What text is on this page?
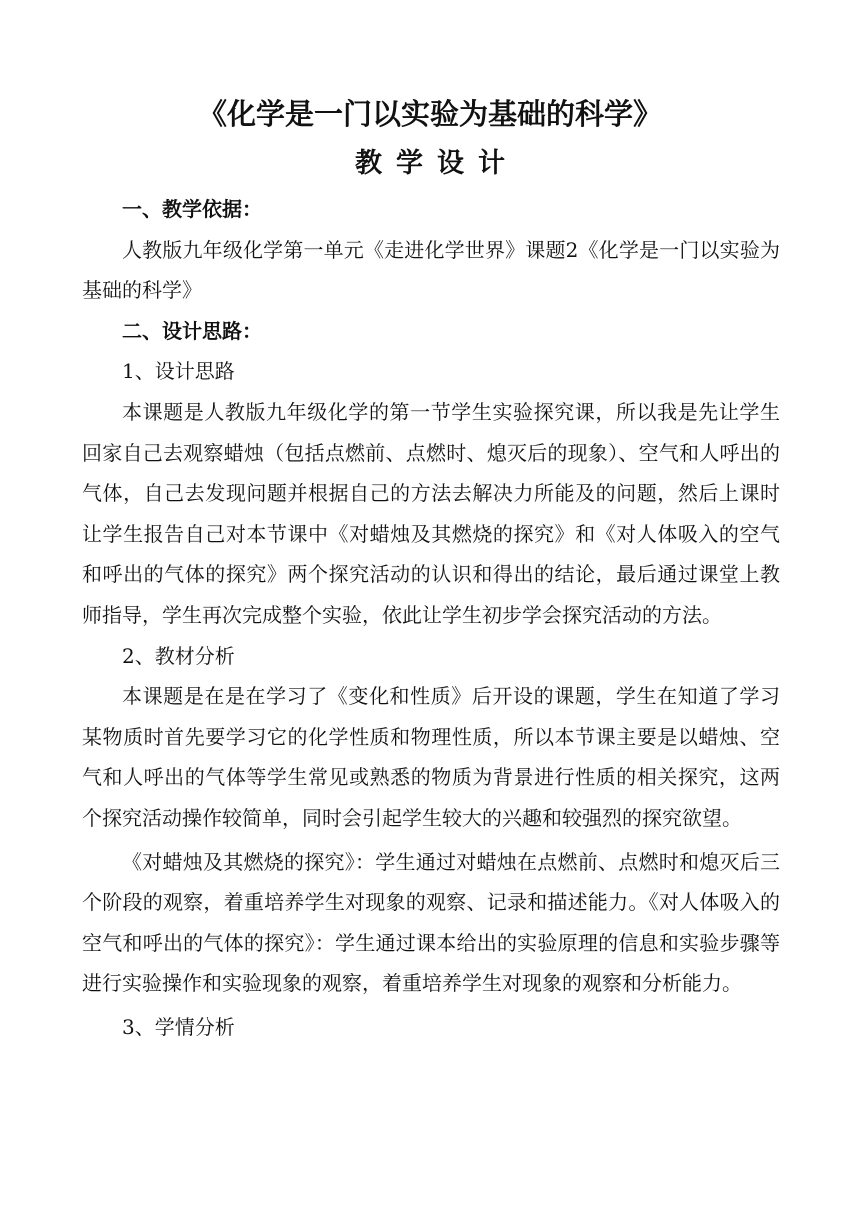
《化学是一门以实验为基础的科学》
教学设计

一、教学依据：

人教版九年级化学第一单元《走进化学世界》课题2《化学是一门以实验为基础的科学》

二、设计思路：

1、设计思路

本课题是人教版九年级化学的第一节学生实验探究课，所以我是先让学生回家自己去观察蜡烛（包括点燃前、点燃时、熄灭后的现象）、空气和人呼出的气体，自己去发现问题并根据自己的方法去解决力所能及的问题，然后上课时让学生报告自己对本节课中《对蜡烛及其燃烧的探究》和《对人体吸入的空气和呼出的气体的探究》两个探究活动的认识和得出的结论，最后通过课堂上教师指导，学生再次完成整个实验，依此让学生初步学会探究活动的方法。

2、教材分析

本课题是在是在学习了《变化和性质》后开设的课题，学生在知道了学习某物质时首先要学习它的化学性质和物理性质，所以本节课主要是以蜡烛、空气和人呼出的气体等学生常见或熟悉的物质为背景进行性质的相关探究，这两个探究活动操作较简单，同时会引起学生较大的兴趣和较强烈的探究欲望。

《对蜡烛及其燃烧的探究》：学生通过对蜡烛在点燃前、点燃时和熄灭后三个阶段的观察，着重培养学生对现象的观察、记录和描述能力。《对人体吸入的空气和呼出的气体的探究》：学生通过课本给出的实验原理的信息和实验步骤等进行实验操作和实验现象的观察，着重培养学生对现象的观察和分析能力。

3、学情分析
